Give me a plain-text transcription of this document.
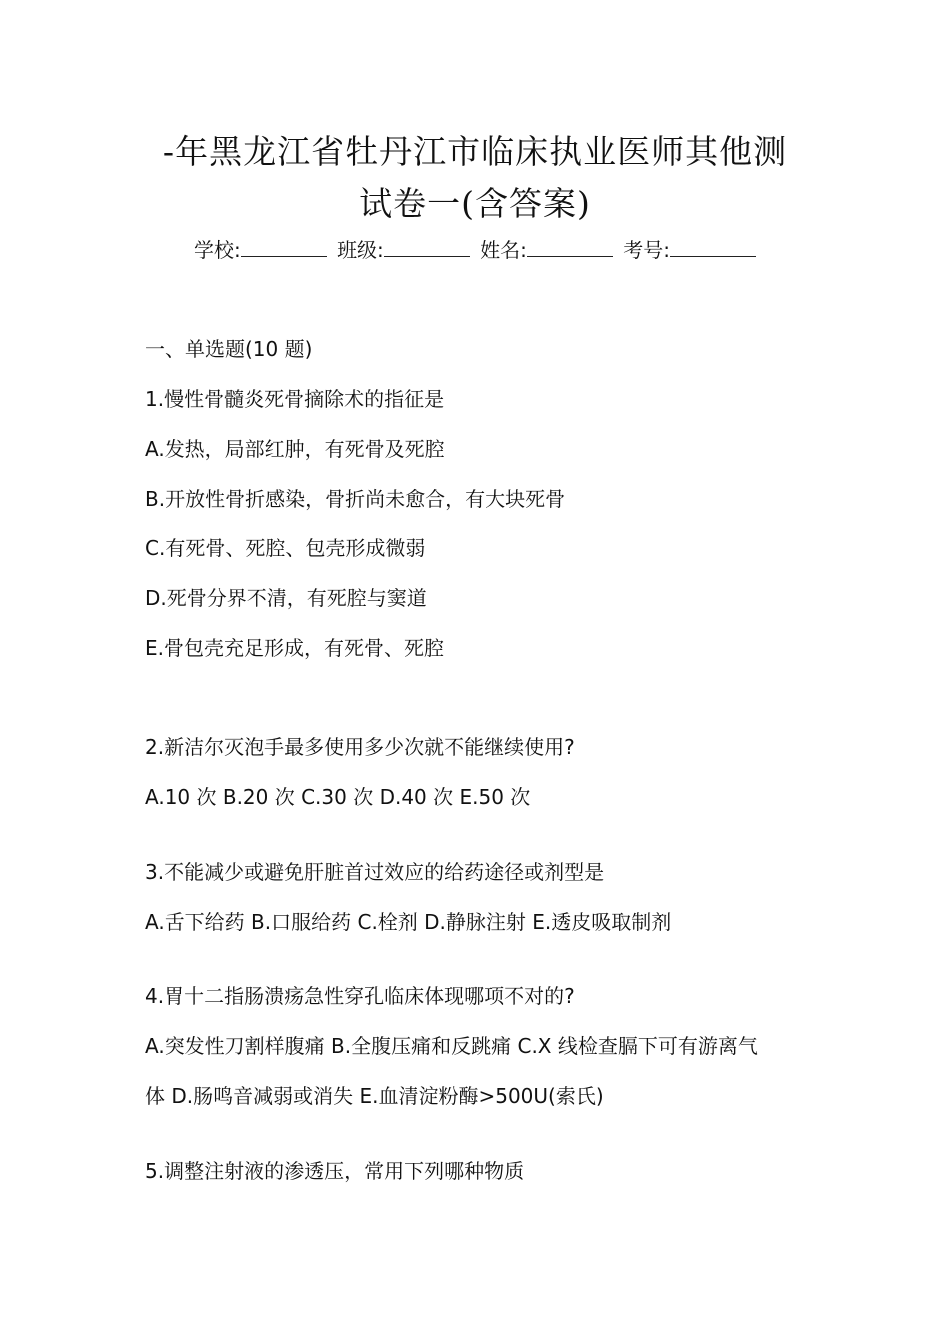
-年黑龙江省牡丹江市临床执业医师其他测
试卷一(含答案)
学校:	班级:	姓名:	考号:
一、单选题(10 题)
1.慢性骨髓炎死骨摘除术的指征是
A.发热，局部红肿，有死骨及死腔
B.开放性骨折感染，骨折尚未愈合，有大块死骨
C.有死骨、死腔、包壳形成微弱
D.死骨分界不清，有死腔与窦道
E.骨包壳充足形成，有死骨、死腔
2.新洁尔灭泡手最多使用多少次就不能继续使用?
A.10 次 B.20 次 C.30 次 D.40 次 E.50 次
3.不能减少或避免肝脏首过效应的给药途径或剂型是
A.舌下给药 B.口服给药 C.栓剂 D.静脉注射 E.透皮吸取制剂
4.胃十二指肠溃疡急性穿孔临床体现哪项不对的?
A.突发性刀割样腹痛 B.全腹压痛和反跳痛 C.X 线检查膈下可有游离气
体 D.肠鸣音减弱或消失 E.血清淀粉酶>500U(索氏)
5.调整注射液的渗透压，常用下列哪种物质
